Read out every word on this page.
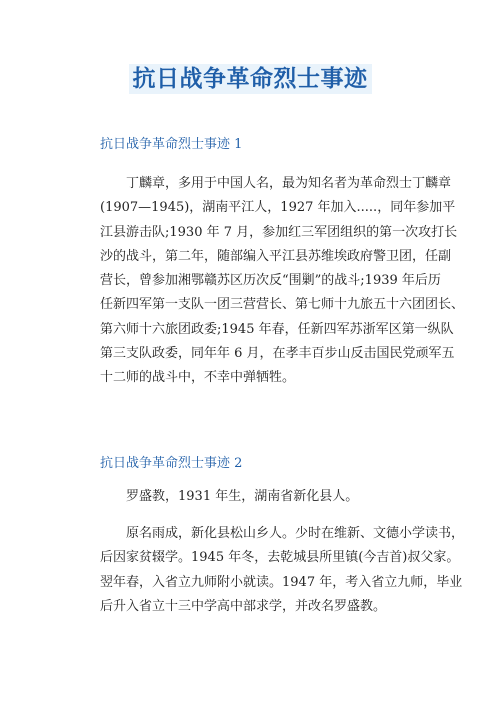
抗日战争革命烈士事迹
抗日战争革命烈士事迹 1
丁麟章，多用于中国人名，最为知名者为革命烈士丁麟章
(1907—1945)，湖南平江人，1927 年加入.....，同年参加平
江县游击队;1930 年 7 月，参加红三军团组织的第一次攻打长
沙的战斗，第二年，随部编入平江县苏维埃政府警卫团，任副
营长，曾参加湘鄂赣苏区历次反“围剿”的战斗;1939 年后历
任新四军第一支队一团三营营长、第七师十九旅五十六团团长、
第六师十六旅团政委;1945 年春，任新四军苏浙军区第一纵队
第三支队政委，同年年 6 月，在孝丰百步山反击国民党顽军五
十二师的战斗中，不幸中弹牺牲。
抗日战争革命烈士事迹 2
罗盛教，1931 年生，湖南省新化县人。
原名雨成，新化县松山乡人。少时在维新、文德小学读书，
后因家贫辍学。1945 年冬，去乾城县所里镇(今吉首)叔父家。
翌年春，入省立九师附小就读。1947 年，考入省立九师，毕业
后升入省立十三中学高中部求学，并改名罗盛教。
